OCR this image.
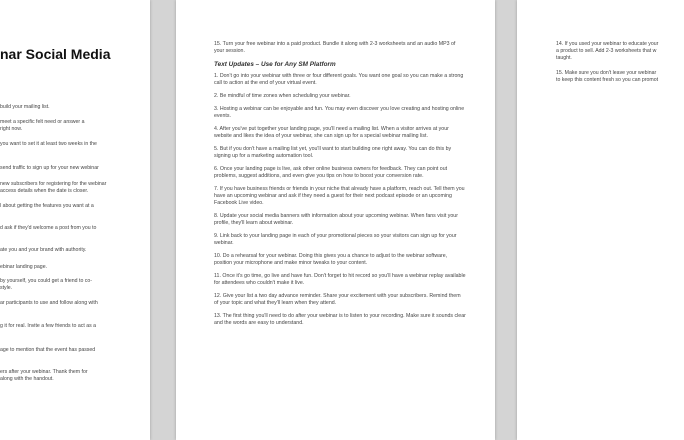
nar Social Media
build your mailing list.
meet a specific felt need or answer a
right now.
you want to set it at least two weeks in the
send traffic to sign up for your new webinar
new subscribers for registering for the webinar
access details when the date is closer.
l about getting the features you want at a
d ask if they'd welcome a post from you to
ate you and your brand with authority.
ebinar landing page.
by yourself, you could get a friend to co-
style.
ar participants to use and follow along with
g it for real. Invite a few friends to act as a
age to mention that the event has passed
ers after your webinar. Thank them for
along with the handout.

15. Turn your free webinar into a paid product. Bundle it along with 2-3 worksheets and an audio MP3 of your session.

Text Updates – Use for Any SM Platform

1. Don't go into your webinar with three or four different goals. You want one goal so you can make a strong call to action at the end of your virtual event.

2. Be mindful of time zones when scheduling your webinar.

3. Hosting a webinar can be enjoyable and fun. You may even discover you love creating and hosting online events.

4. After you've put together your landing page, you'll need a mailing list. When a visitor arrives at your website and likes the idea of your webinar, she can sign up for a special webinar mailing list.

5. But if you don't have a mailing list yet, you'll want to start building one right away. You can do this by signing up for a marketing automation tool.

6. Once your landing page is live, ask other online business owners for feedback. They can point out problems, suggest additions, and even give you tips on how to boost your conversion rate.

7. If you have business friends or friends in your niche that already have a platform, reach out. Tell them you have an upcoming webinar and ask if they need a guest for their next podcast episode or an upcoming Facebook Live video.

8. Update your social media banners with information about your upcoming webinar. When fans visit your profile, they'll learn about webinar.

9. Link back to your landing page in each of your promotional pieces so your visitors can sign up for your webinar.

10. Do a rehearsal for your webinar. Doing this gives you a chance to adjust to the webinar software, position your microphone and make minor tweaks to your content.

11. Once it's go time, go live and have fun. Don't forget to hit record so you'll have a webinar replay available for attendees who couldn't make it live.

12. Give your list a two day advance reminder. Share your excitement with your subscribers. Remind them of your topic and what they'll learn when they attend.

13. The first thing you'll need to do after your webinar is to listen to your recording. Make sure it sounds clear and the words are easy to understand.

14. If you used your webinar to educate your
a product to sell. Add 2-3 worksheets that w
taught.
15. Make sure you don't leave your webinar
to keep this content fresh so you can promot
